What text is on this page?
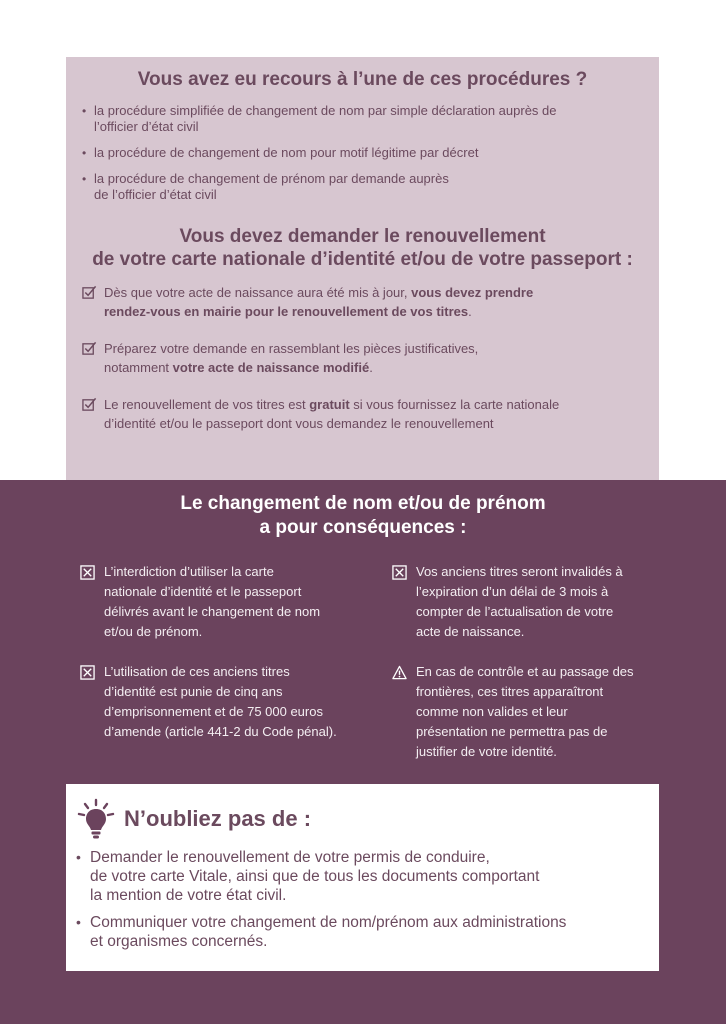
Vous avez eu recours à l’une de ces procédures ?
• la procédure simplifiée de changement de nom par simple déclaration auprès de
l’officier d’état civil
• la procédure de changement de nom pour motif légitime par décret
• la procédure de changement de prénom par demande auprès
de l’officier d’état civil
Vous devez demander le renouvellement
de votre carte nationale d’identité et/ou de votre passeport :
Dès que votre acte de naissance aura été mis à jour, vous devez prendre
rendez-vous en mairie pour le renouvellement de vos titres.
Préparez votre demande en rassemblant les pièces justificatives,
notamment votre acte de naissance modifié.
Le renouvellement de vos titres est gratuit si vous fournissez la carte nationale
d’identité et/ou le passeport dont vous demandez le renouvellement
Le changement de nom et/ou de prénom
a pour conséquences :
L’interdiction d’utiliser la carte
nationale d’identité et le passeport
délivrés avant le changement de nom
et/ou de prénom.
L’utilisation de ces anciens titres
d’identité est punie de cinq ans
d’emprisonnement et de 75 000 euros
d’amende (article 441-2 du Code pénal).
Vos anciens titres seront invalidés à
l’expiration d’un délai de 3 mois à
compter de l’actualisation de votre
acte de naissance.
En cas de contrôle et au passage des
frontières, ces titres apparaîtront
comme non valides et leur
présentation ne permettra pas de
justifier de votre identité.
N’oubliez pas de :
• Demander le renouvellement de votre permis de conduire,
de votre carte Vitale, ainsi que de tous les documents comportant
la mention de votre état civil.
• Communiquer votre changement de nom/prénom aux administrations
et organismes concernés.
